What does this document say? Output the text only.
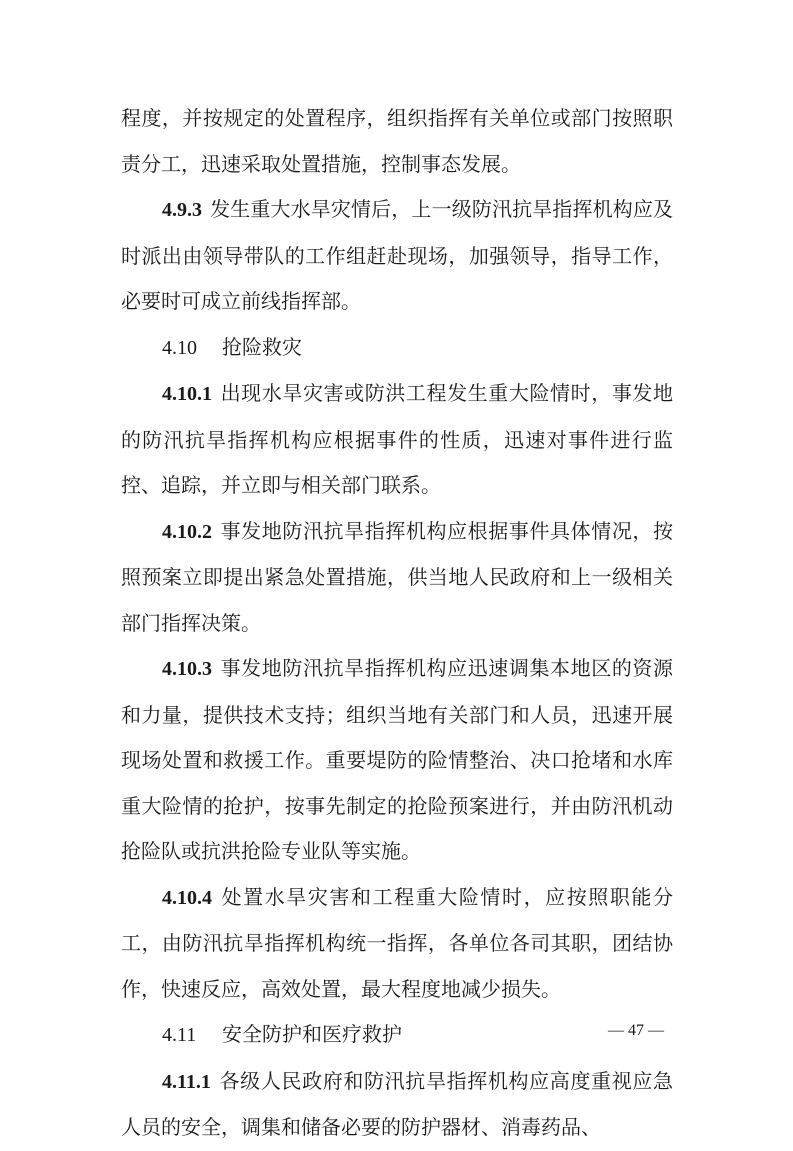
程度，并按规定的处置程序，组织指挥有关单位或部门按照职责分工，迅速采取处置措施，控制事态发展。

4.9.3 发生重大水旱灾情后，上一级防汛抗旱指挥机构应及时派出由领导带队的工作组赶赴现场，加强领导，指导工作，必要时可成立前线指挥部。

4.10 抢险救灾

4.10.1 出现水旱灾害或防洪工程发生重大险情时，事发地的防汛抗旱指挥机构应根据事件的性质，迅速对事件进行监控、追踪，并立即与相关部门联系。

4.10.2 事发地防汛抗旱指挥机构应根据事件具体情况，按照预案立即提出紧急处置措施，供当地人民政府和上一级相关部门指挥决策。

4.10.3 事发地防汛抗旱指挥机构应迅速调集本地区的资源和力量，提供技术支持；组织当地有关部门和人员，迅速开展现场处置和救援工作。重要堤防的险情整治、决口抢堵和水库重大险情的抢护，按事先制定的抢险预案进行，并由防汛机动抢险队或抗洪抢险专业队等实施。

4.10.4 处置水旱灾害和工程重大险情时，应按照职能分工，由防汛抗旱指挥机构统一指挥，各单位各司其职，团结协作，快速反应，高效处置，最大程度地减少损失。

4.11 安全防护和医疗救护

4.11.1 各级人民政府和防汛抗旱指挥机构应高度重视应急人员的安全，调集和储备必要的防护器材、消毒药品、

— 47 —
